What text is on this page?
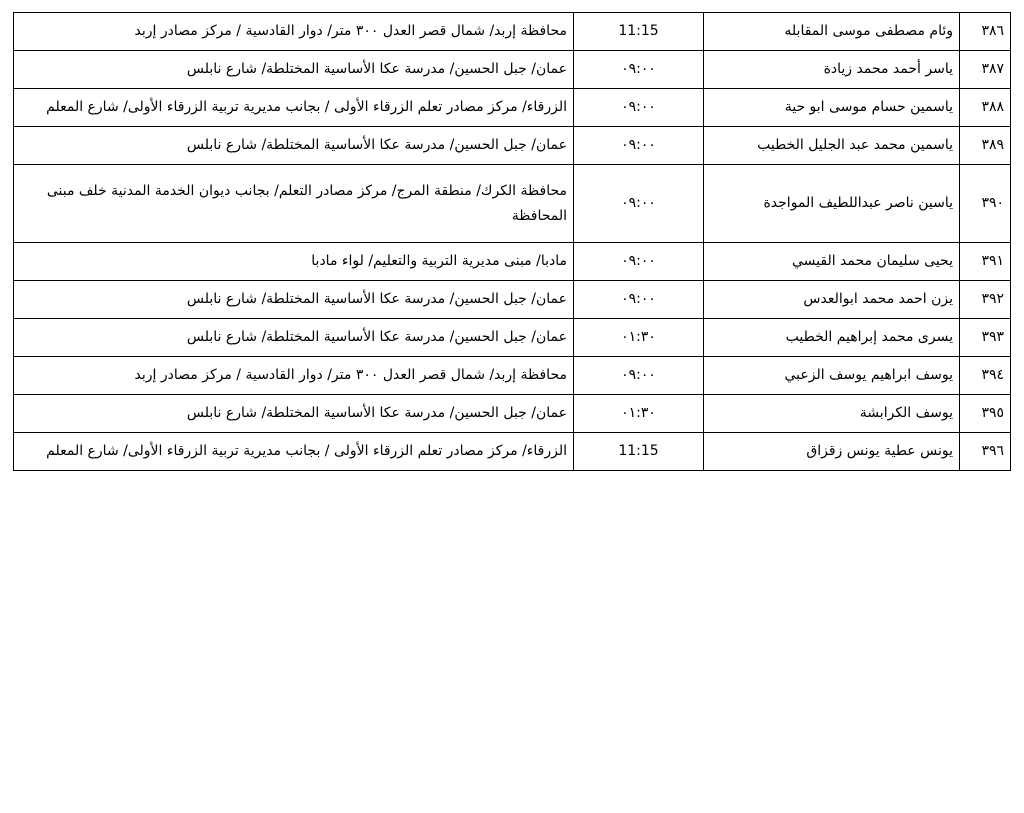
٣٨٦	وئام مصطفى موسى المقابله	11:15	محافظة إربد/ شمال قصر العدل ٣٠٠ متر/ دوار القادسية / مركز مصادر إربد
٣٨٧	ياسر أحمد محمد زيادة	٠٩:٠٠	عمان/ جبل الحسين/ مدرسة عكا الأساسية المختلطة/ شارع نابلس
٣٨٨	ياسمين حسام موسى ابو حية	٠٩:٠٠	الزرقاء/ مركز مصادر تعلم الزرقاء الأولى / بجانب مديرية تربية الزرقاء الأولى/ شارع المعلم
٣٨٩	ياسمين محمد عبد الجليل الخطيب	٠٩:٠٠	عمان/ جبل الحسين/ مدرسة عكا الأساسية المختلطة/ شارع نابلس
٣٩٠	ياسين ناصر عبداللطيف المواجدة	٠٩:٠٠	محافظة الكرك/ منطقة المرج/ مركز مصادر التعلم/ بجانب ديوان الخدمة المدنية خلف مبنى المحافظة
٣٩١	يحيى سليمان محمد القيسي	٠٩:٠٠	مادبا/ مبنى مديرية التربية والتعليم/ لواء مادبا
٣٩٢	يزن احمد محمد ابوالعدس	٠٩:٠٠	عمان/ جبل الحسين/ مدرسة عكا الأساسية المختلطة/ شارع نابلس
٣٩٣	يسرى محمد إبراهيم الخطيب	٠١:٣٠	عمان/ جبل الحسين/ مدرسة عكا الأساسية المختلطة/ شارع نابلس
٣٩٤	يوسف ابراهيم يوسف الزعبي	٠٩:٠٠	محافظة إربد/ شمال قصر العدل ٣٠٠ متر/ دوار القادسية / مركز مصادر إربد
٣٩٥	يوسف الكرابشة	٠١:٣٠	عمان/ جبل الحسين/ مدرسة عكا الأساسية المختلطة/ شارع نابلس
٣٩٦	يونس عطية يونس زقزاق	11:15	الزرقاء/ مركز مصادر تعلم الزرقاء الأولى / بجانب مديرية تربية الزرقاء الأولى/ شارع المعلم
